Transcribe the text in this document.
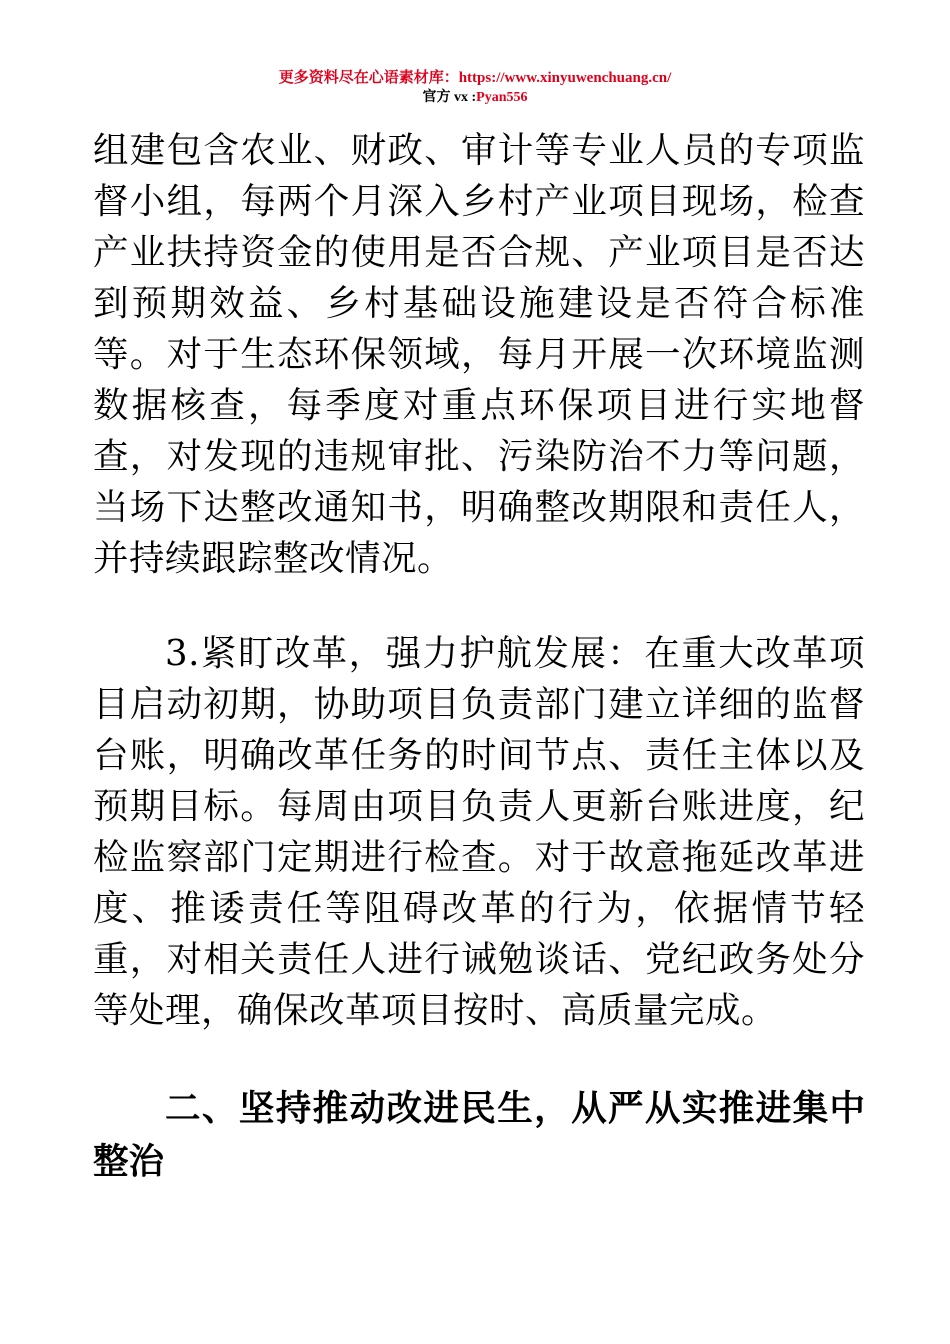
更多资料尽在心语素材库：https://www.xinyuwenchuang.cn/
官方 vx :Pyan556
组建包含农业、财政、审计等专业人员的专项监督小组，每两个月深入乡村产业项目现场，检查产业扶持资金的使用是否合规、产业项目是否达到预期效益、乡村基础设施建设是否符合标准等。对于生态环保领域，每月开展一次环境监测数据核查，每季度对重点环保项目进行实地督查，对发现的违规审批、污染防治不力等问题，当场下达整改通知书，明确整改期限和责任人，并持续跟踪整改情况。
3.紧盯改革，强力护航发展：在重大改革项目启动初期，协助项目负责部门建立详细的监督台账，明确改革任务的时间节点、责任主体以及预期目标。每周由项目负责人更新台账进度，纪检监察部门定期进行检查。对于故意拖延改革进度、推诿责任等阻碍改革的行为，依据情节轻重，对相关责任人进行诫勉谈话、党纪政务处分等处理，确保改革项目按时、高质量完成。
二、坚持推动改进民生，从严从实推进集中整治
